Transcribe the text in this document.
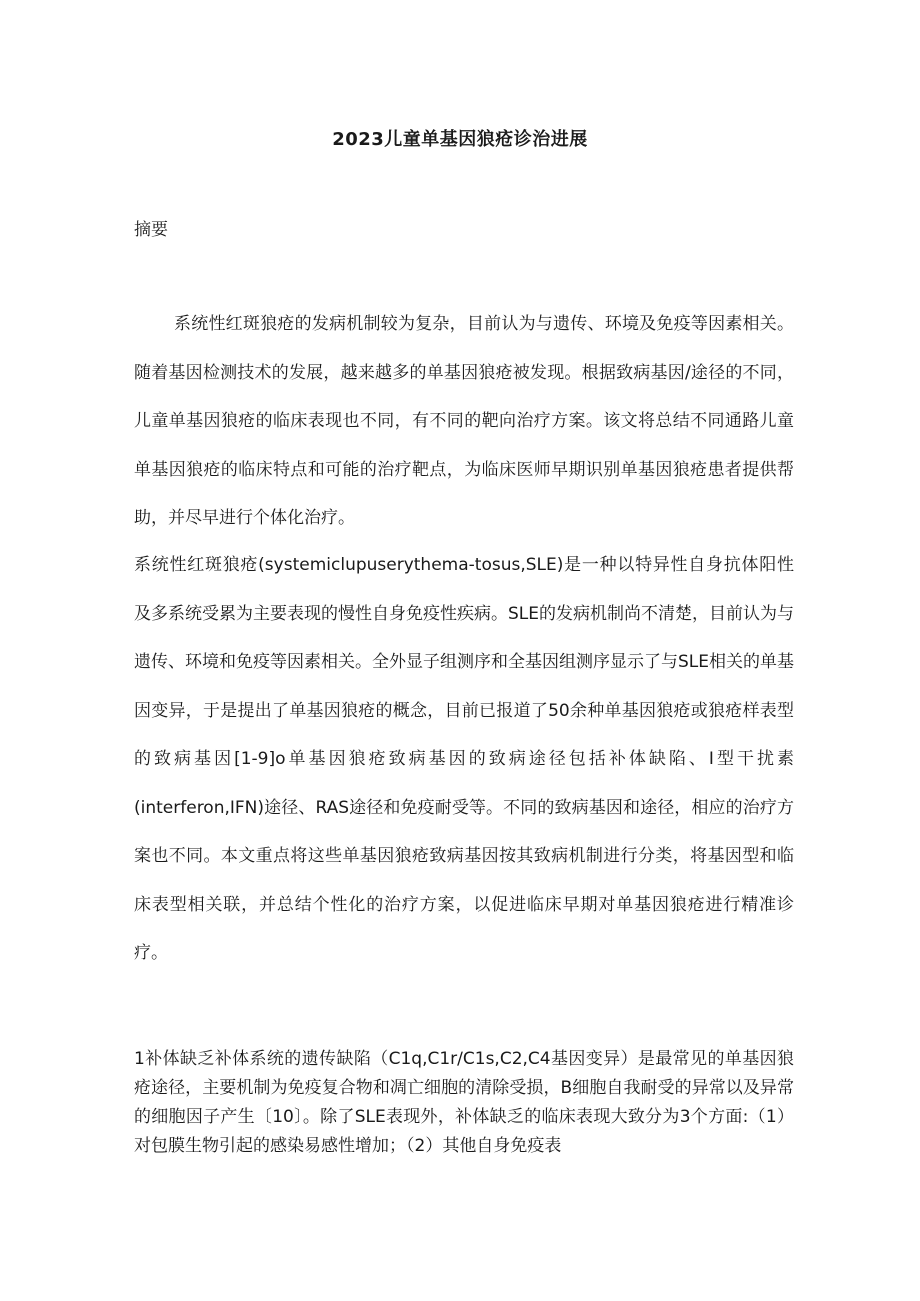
2023儿童单基因狼疮诊治进展
摘要

系统性红斑狼疮的发病机制较为复杂，目前认为与遗传、环境及免疫等因素相关。随着基因检测技术的发展，越来越多的单基因狼疮被发现。根据致病基因/途径的不同，儿童单基因狼疮的临床表现也不同，有不同的靶向治疗方案。该文将总结不同通路儿童单基因狼疮的临床特点和可能的治疗靶点，为临床医师早期识别单基因狼疮患者提供帮助，并尽早进行个体化治疗。

系统性红斑狼疮(systemiclupuserythema-tosus,SLE)是一种以特异性自身抗体阳性及多系统受累为主要表现的慢性自身免疫性疾病。SLE的发病机制尚不清楚，目前认为与遗传、环境和免疫等因素相关。全外显子组测序和全基因组测序显示了与SLE相关的单基因变异，于是提出了单基因狼疮的概念，目前已报道了50余种单基因狼疮或狼疮样表型的致病基因[1-9]o单基因狼疮致病基因的致病途径包括补体缺陷、I型干扰素(interferon,IFN)途径、RAS途径和免疫耐受等。不同的致病基因和途径，相应的治疗方案也不同。本文重点将这些单基因狼疮致病基因按其致病机制进行分类，将基因型和临床表型相关联，并总结个性化的治疗方案，以促进临床早期对单基因狼疮进行精准诊疗。

1补体缺乏补体系统的遗传缺陷（C1q,C1r∕C1s,C2,C4基因变异）是最常见的单基因狼疮途径，主要机制为免疫复合物和凋亡细胞的清除受损，B细胞自我耐受的异常以及异常的细胞因子产生〔10〕。除了SLE表现外，补体缺乏的临床表现大致分为3个方面:（1）对包膜生物引起的感染易感性增加；（2）其他自身免疫表
